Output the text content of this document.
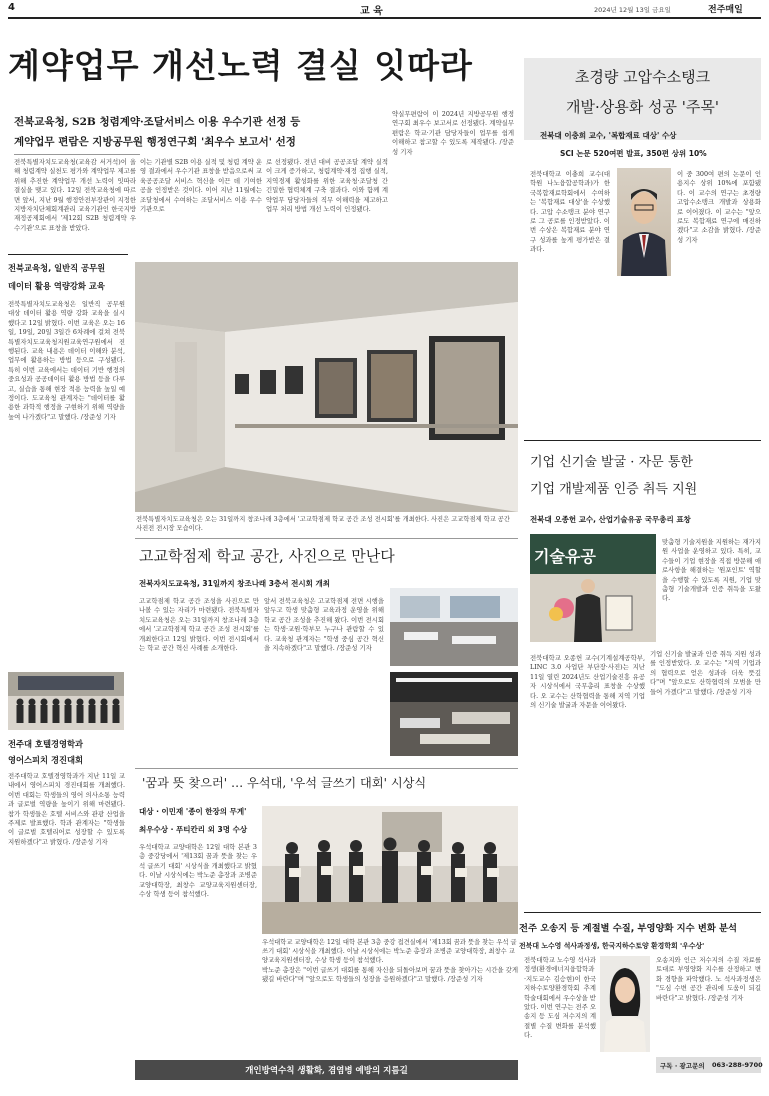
4	교 육	2024년 12월 13일 금요일	전주매일
계약업무 개선노력 결실 잇따라
전북교육청, S2B 청렴계약·조달서비스 이용 우수기관 선정 등
계약업무 편람은 지방공무원 행정연구회 '최우수 보고서' 선정

전북특별자치도교육청(교육감 서거석)이 올해 청렴계약 실천도 평가와 계약업무 제고를 위해 추진한 계약업무 개선 노력이 잇따라 결실을 맺고 있다. 12일 전북교육청에 따르면 앞서, 지난 9월 행정안전부장관이 지정한 지방자치단체회계관리 교육기관인 한국지방재정공제회에서 '제12회 S2B 청렴계약 우수기관'으로 표창을 받았다.

이는 기관별 S2B 이용 실적 및 청렴 계약 운영 결과에서 우수기관 표창을 받음으로써 교육공공조달 서비스 혁신을 이끈 데 기여한 공을 인정받은 것이다. 이어 지난 11월에는 조달청에서 수여하는 조달서비스 이용 우수기관으로

로 선정됐다. 전년 대비 공공조달 계약 실적이 크게 증가하고, 청렴계약·재정 집행 실적, 지역경제 활성화를 위한 교육청·조달청 간 긴밀한 협력체계 구축 결과다. 이와 함께 계약업무 담당자들의 직무 이해력을 제고하고 업무 처리 방법 개선 노력이 인정됐다.

약실무편람이 이 2024년 지방공무원 행정연구회 최우수 보고서로 선정됐다. 계약실무편람은 학교·기관 담당자들이 업무를 쉽게 이해하고 참고할 수 있도록 제작됐다. /장준성 기자

초경량 고압수소탱크
개발·상용화 성공 '주목'
전북대 이충희 교수, '복합재료 대상' 수상
SCI 논문 520여편 발표, 350편 상위 10%

전북대학교 이충희 교수(대학원 나노융합공학과)가 한국복합재료학회에서 수여하는 '복합재료 대상'을 수상했다. 고압 수소탱크 분야 연구로 그 공로를 인정받았다. 이번 수상은 복합재료 분야 연구 성과를 높게 평가받은 결과다.

이 중 300여 편의 논문이 인용지수 상위 10%에 포함됐다. 이 교수의 연구는 초경량 고압수소탱크 개발과 상용화로 이어졌다. 이 교수는 "앞으로도 복합재료 연구에 매진하겠다"고 소감을 밝혔다. /장준성 기자

전북교육청, 일반직 공무원
데이터 활용 역량강화 교육

전북특별자치도교육청은 일반직 공무원 대상 데이터 활용 역량 강화 교육을 실시했다고 12일 밝혔다. 이번 교육은 오는 16일, 19일, 20일 3일간 6차례에 걸쳐 전북특별자치도교육청지원교육연구원에서 진행된다. 교육 내용은 데이터 이해와 분석, 업무에 활용하는 방법 등으로 구성됐다. 특히 이번 교육에서는 데이터 기반 행정의 중요성과 공공데이터 활용 방법 등을 다루고, 실습을 통해 현장 적용 능력을 높일 예정이다. 도교육청 관계자는 "데이터를 활용한 과학적 행정을 구현하기 위해 역량을 높여 나가겠다"고 말했다. /장준성 기자

전주대 호텔경영학과
영어스피치 경진대회

전주대학교 호텔경영학과가 지난 11일 교내에서 영어스피치 경진대회를 개최했다. 이번 대회는 학생들의 영어 의사소통 능력과 글로벌 역량을 높이기 위해 마련됐다. 참가 학생들은 호텔 서비스와 관광 산업을 주제로 발표했다. 학과 관계자는 "학생들이 글로벌 호텔리어로 성장할 수 있도록 지원하겠다"고 밝혔다. /장준성 기자

전북특별자치도교육청은 오는 31일까지 창조나래 3층에서 '고교학점제 학교 공간 조성 전시회'를 개최한다. 사진은 고교학점제 학교 공간 사진전 전시장 모습이다.

고교학점제 학교 공간, 사진으로 만난다
전북자치도교육청, 31일까지 창조나래 3층서 전시회 개최

고교학점제 학교 공간 조성을 사진으로 만나볼 수 있는 자리가 마련됐다. 전북특별자치도교육청은 오는 31일까지 창조나래 3층에서 '고교학점제 학교 공간 조성 전시회'를 개최한다고 12일 밝혔다. 이번 전시회에서는 학교 공간 혁신 사례를 소개한다.

앞서 전북교육청은 고교학점제 전면 시행을 앞두고 학생 맞춤형 교육과정 운영을 위해 학교 공간 조성을 추진해 왔다. 이번 전시회는 학생·교원·학부모 누구나 관람할 수 있다. 교육청 관계자는 "학생 중심 공간 혁신을 지속하겠다"고 말했다. /장준성 기자

'꿈과 뜻 찾으러' … 우석대, '우석 글쓰기 대회' 시상식
대상 · 이민재 '종이 한장의 무게'
최우수상 · 푸티칸리 외 3명 수상

우석대학교 교양대학은 12일 대학 본관 3층 중강당에서 '제13회 꿈과 뜻을 찾는 우석 글쓰기 대회' 시상식을 개최했다고 밝혔다. 이날 시상식에는 박노준 총장과 조병준 교양대학장, 최창수 교양교육지원센터장, 수상 학생 등이 참석했다.

우석대학교 교양대학은 12일 대학 본관 3층 중강 접견실에서 '제13회 꿈과 뜻을 찾는 우석 글쓰기 대회' 시상식을 개최했다. 이날 시상식에는 박노준 총장과 조병준 교양대학장, 최창수 교양교육지원센터장, 수상 학생 등이 참석했다.

박노준 총장은 "이번 글쓰기 대회를 통해 자신을 되돌아보며 꿈과 뜻을 찾아가는 시간을 갖게 됐길 바란다"며 "앞으로도 학생들의 성장을 응원하겠다"고 말했다. /장준성 기자

개인방역수칙 생활화, 겸염병 예방의 지름길
기업 신기술 발굴 · 자문 통한
기업 개발제품 인증 취득 지원
전북대 오종헌 교수, 산업기술유공 국무총리 표창
기술유공

맞춤형 기술지원을 지원하는 재가지원 사업을 운영하고 있다. 특히, 교수들이 기업 현장을 직접 방문해 애로사항을 해결하는 '원포인트' 역할을 수행할 수 있도록 지원, 기업 맞춤형 기술개발과 인증 취득을 도왔다.

전북대학교 오종헌 교수(기계설계공학부, LINC 3.0 사업단 부단장·사진)는 지난 11일 열린 2024년도 산업기술진흥 유공자 시상식에서 국무총리 표창을 수상했다. 오 교수는 산학협력을 통해 지역 기업의 신기술 발굴과 자문을 이어왔다.

기업 신기술 발굴과 인증 취득 지원 성과를 인정받았다. 오 교수는 "지역 기업과의 협력으로 얻은 성과라 더욱 뜻깊다"며 "앞으로도 산학협력의 모범을 만들어 가겠다"고 말했다. /장준성 기자

전주 오송지 등 계절별 수질, 부영양화 지수 변화 분석
전북대 노수영 석사과정생, 한국지하수토양 환경학회 '우수상'

전북대학교 노수영 석사과정생(환경에너지융합학과·지도교수 김승현)이 한국지하수토양환경학회 추계학술대회에서 우수상을 받았다. 이번 연구는 전주 오송지 등 도심 저수지의 계절별 수질 변화를 분석했다.

오송지와 인근 저수지의 수질 자료를 토대로 부영양화 지수를 산정하고 변화 경향을 파악했다. 노 석사과정생은 "도심 수변 공간 관리에 도움이 되길 바란다"고 밝혔다. /장준성 기자

구독 · 광고문의 063-288-9700
